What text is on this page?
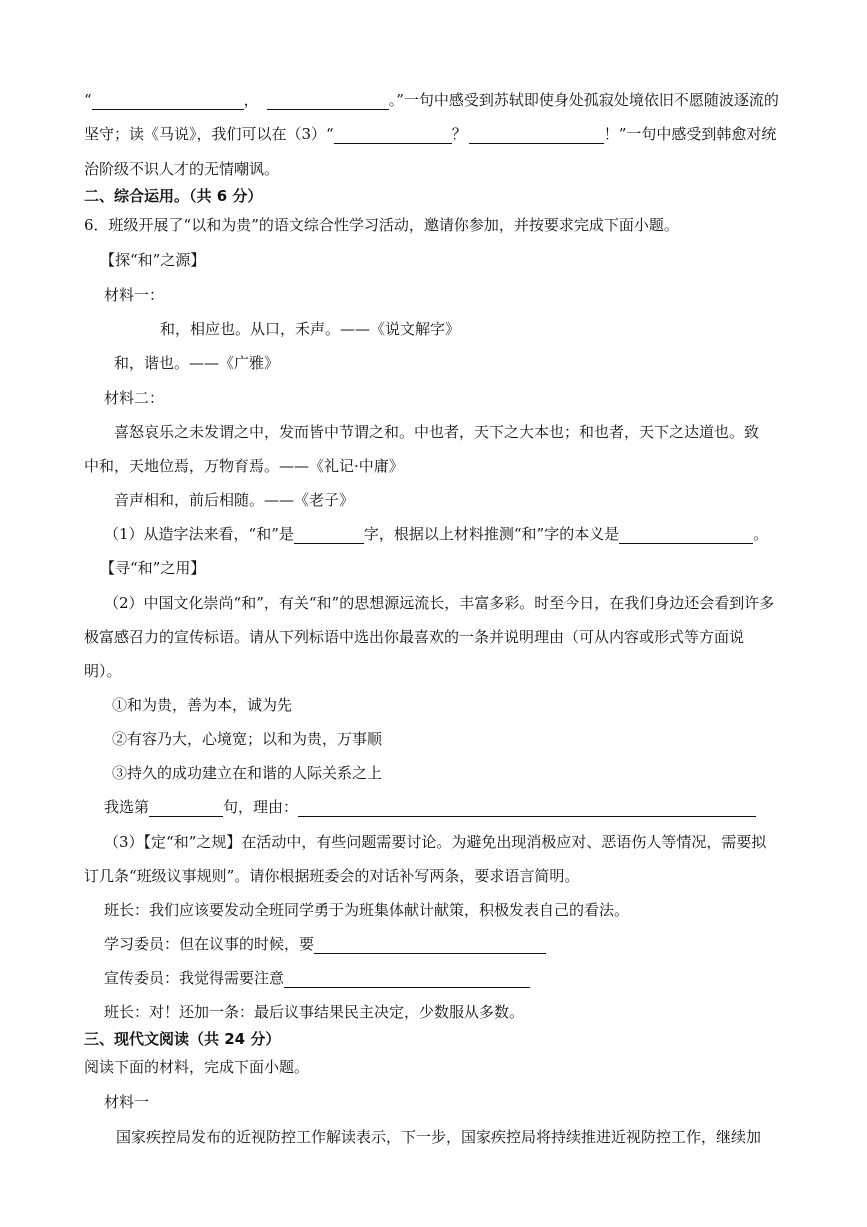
“	，	。”一句中感受到苏轼即使身处孤寂处境依旧不愿随波逐流的
坚守；读《马说》，我们可以在（3）“	？	！”一句中感受到韩愈对统
治阶级不识人才的无情嘲讽。
二、综合运用。（共 6 分）
6．班级开展了“以和为贵”的语文综合性学习活动，邀请你参加，并按要求完成下面小题。
【探“和”之源】
材料一：
和，相应也。从口，禾声。——《说文解字》
和，谐也。——《广雅》
材料二：
喜怒哀乐之未发谓之中，发而皆中节谓之和。中也者，天下之大本也；和也者，天下之达道也。致
中和，天地位焉，万物育焉。——《礼记·中庸》
音声相和，前后相随。——《老子》
（1）从造字法来看，“和”是	字，根据以上材料推测“和”字的本义是	。
【寻“和”之用】
（2）中国文化崇尚“和”，有关“和”的思想源远流长，丰富多彩。时至今日，在我们身边还会看到许多
极富感召力的宣传标语。请从下列标语中选出你最喜欢的一条并说明理由（可从内容或形式等方面说
明）。
①和为贵，善为本，诚为先
②有容乃大，心境宽；以和为贵，万事顺
③持久的成功建立在和谐的人际关系之上
我选第	句，理由：
（3）【定“和”之规】在活动中，有些问题需要讨论。为避免出现消极应对、恶语伤人等情况，需要拟
订几条“班级议事规则”。请你根据班委会的对话补写两条，要求语言简明。
班长：我们应该要发动全班同学勇于为班集体献计献策，积极发表自己的看法。
学习委员：但在议事的时候，要
宣传委员：我觉得需要注意
班长：对！还加一条：最后议事结果民主决定，少数服从多数。
三、现代文阅读（共 24 分）
阅读下面的材料，完成下面小题。
材料一
国家疾控局发布的近视防控工作解读表示，下一步，国家疾控局将持续推进近视防控工作，继续加
